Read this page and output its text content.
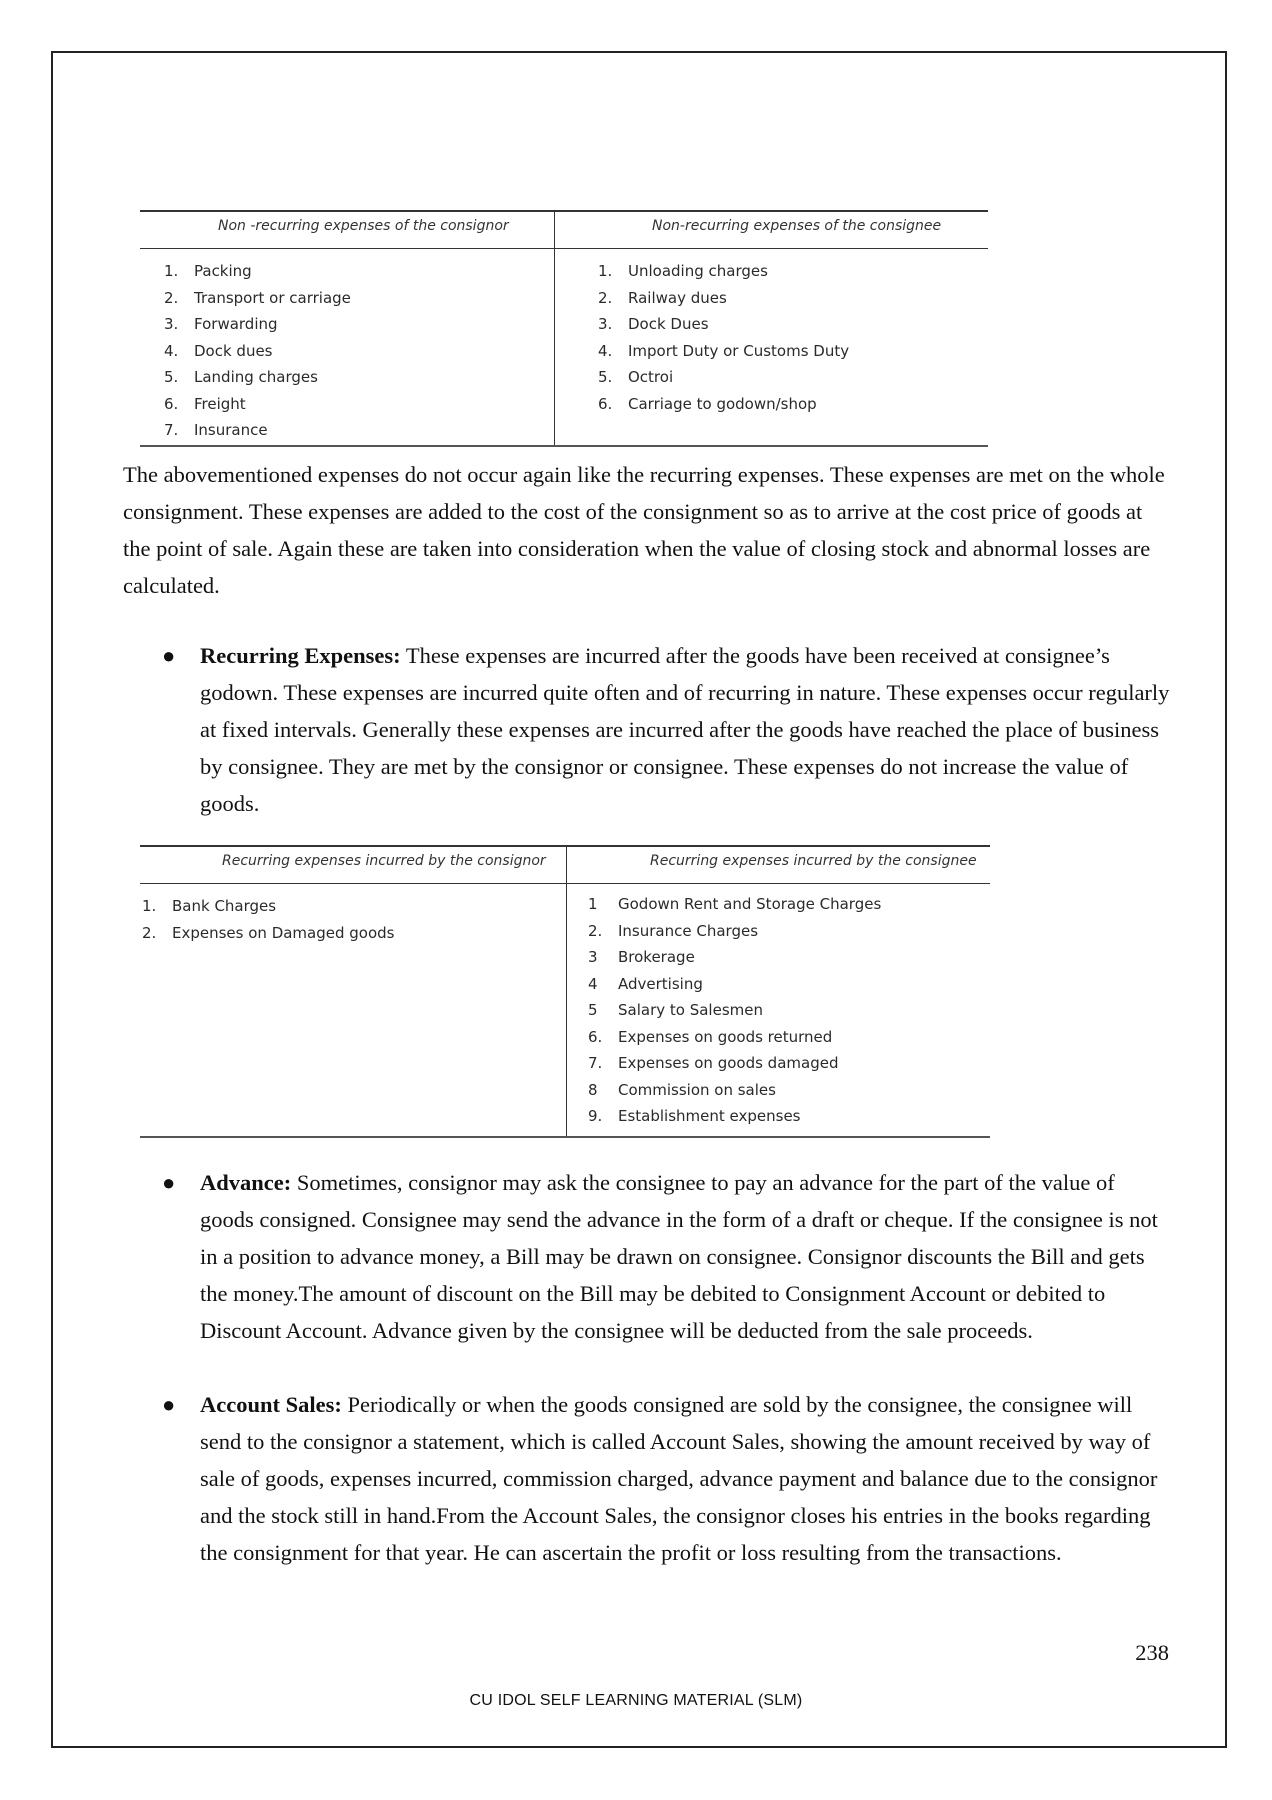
Non -recurring expenses of the consignor	Non-recurring expenses of the consignee
1. Packing
2. Transport or carriage
3. Forwarding
4. Dock dues
5. Landing charges
6. Freight
7. Insurance
1. Unloading charges
2. Railway dues
3. Dock Dues
4. Import Duty or Customs Duty
5. Octroi
6. Carriage to godown/shop

The abovementioned expenses do not occur again like the recurring expenses. These expenses are met on the whole consignment. These expenses are added to the cost of the consignment so as to arrive at the cost price of goods at the point of sale. Again these are taken into consideration when the value of closing stock and abnormal losses are calculated.

● Recurring Expenses: These expenses are incurred after the goods have been received at consignee’s godown. These expenses are incurred quite often and of recurring in nature. These expenses occur regularly at fixed intervals. Generally these expenses are incurred after the goods have reached the place of business by consignee. They are met by the consignor or consignee. These expenses do not increase the value of goods.

Recurring expenses incurred by the consignor	Recurring expenses incurred by the consignee
1. Bank Charges
2. Expenses on Damaged goods
1 Godown Rent and Storage Charges
2. Insurance Charges
3 Brokerage
4 Advertising
5 Salary to Salesmen
6. Expenses on goods returned
7. Expenses on goods damaged
8 Commission on sales
9. Establishment expenses
● Advance: Sometimes, consignor may ask the consignee to pay an advance for the part of the value of goods consigned. Consignee may send the advance in the form of a draft or cheque. If the consignee is not in a position to advance money, a Bill may be drawn on consignee. Consignor discounts the Bill and gets the money.The amount of discount on the Bill may be debited to Consignment Account or debited to Discount Account. Advance given by the consignee will be deducted from the sale proceeds.

● Account Sales: Periodically or when the goods consigned are sold by the consignee, the consignee will send to the consignor a statement, which is called Account Sales, showing the amount received by way of sale of goods, expenses incurred, commission charged, advance payment and balance due to the consignor and the stock still in hand.From the Account Sales, the consignor closes his entries in the books regarding the consignment for that year. He can ascertain the profit or loss resulting from the transactions.

238
CU IDOL SELF LEARNING MATERIAL (SLM)
